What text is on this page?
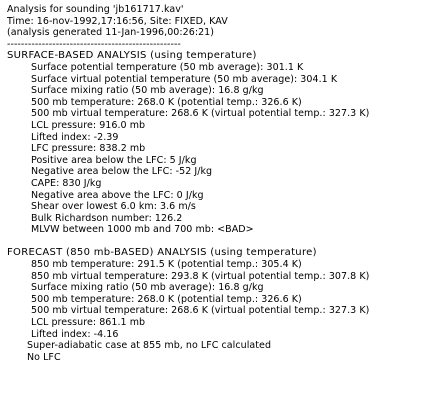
Analysis for sounding 'jb161717.kav'
Time: 16-nov-1992,17:16:56, Site: FIXED, KAV
(analysis generated 11-Jan-1996,00:26:21)
--------------------------------------------------
SURFACE-BASED ANALYSIS (using temperature)
Surface potential temperature (50 mb average): 301.1 K
Surface virtual potential temperature (50 mb average): 304.1 K
Surface mixing ratio (50 mb average): 16.8 g/kg
500 mb temperature: 268.0 K (potential temp.: 326.6 K)
500 mb virtual temperature: 268.6 K (virtual potential temp.: 327.3 K)
LCL pressure: 916.0 mb
Lifted index: -2.39
LFC pressure: 838.2 mb
Positive area below the LFC: 5 J/kg
Negative area below the LFC: -52 J/kg
CAPE: 830 J/kg
Negative area above the LFC: 0 J/kg
Shear over lowest 6.0 km: 3.6 m/s
Bulk Richardson number: 126.2
MLVW between 1000 mb and 700 mb: <BAD>
FORECAST (850 mb-BASED) ANALYSIS (using temperature)
850 mb temperature: 291.5 K (potential temp.: 305.4 K)
850 mb virtual temperature: 293.8 K (virtual potential temp.: 307.8 K)
Surface mixing ratio (50 mb average): 16.8 g/kg
500 mb temperature: 268.0 K (potential temp.: 326.6 K)
500 mb virtual temperature: 268.6 K (virtual potential temp.: 327.3 K)
LCL pressure: 861.1 mb
Lifted index: -4.16
Super-adiabatic case at 855 mb, no LFC calculated
No LFC
